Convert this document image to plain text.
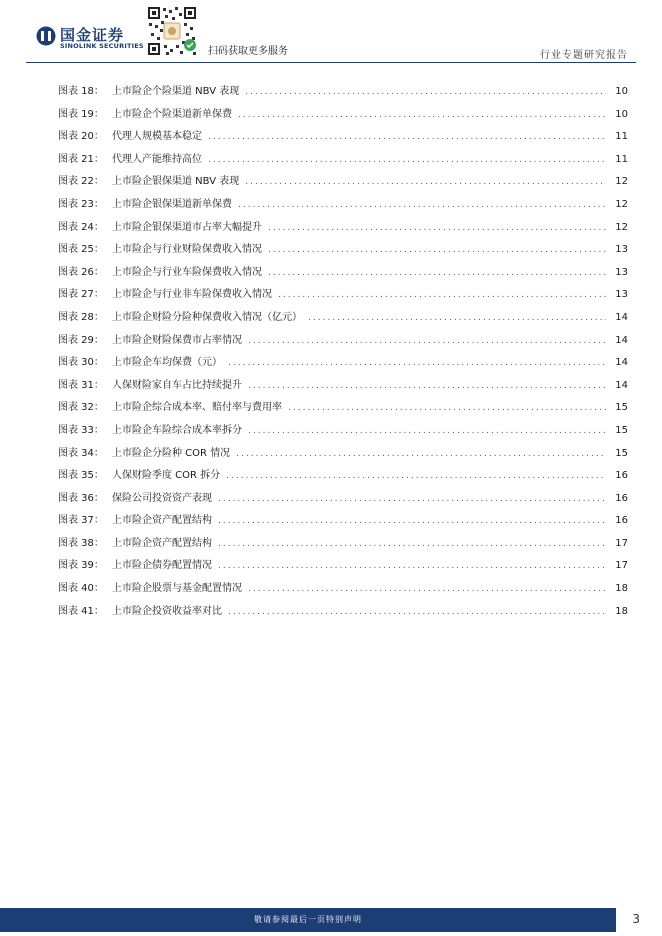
国金证券
SINOLINK SECURITIES	扫码获取更多服务	行业专题研究报告
图表 18： 上市险企个险渠道 NBV 表现 .....	10
图表 19： 上市险企个险渠道新单保费 .....	10
图表 20： 代理人规模基本稳定 .....	11
图表 21： 代理人产能维持高位 .....	11
图表 22： 上市险企银保渠道 NBV 表现 .....	12
图表 23： 上市险企银保渠道新单保费 .....	12
图表 24： 上市险企银保渠道市占率大幅提升 .....	12
图表 25： 上市险企与行业财险保费收入情况 .....	13
图表 26： 上市险企与行业车险保费收入情况 .....	13
图表 27： 上市险企与行业非车险保费收入情况 .....	13
图表 28： 上市险企财险分险种保费收入情况（亿元） .....	14
图表 29： 上市险企财险保费市占率情况 .....	14
图表 30： 上市险企车均保费（元） .....	14
图表 31： 人保财险家自车占比持续提升 .....	14
图表 32： 上市险企综合成本率、赔付率与费用率 .....	15
图表 33： 上市险企车险综合成本率拆分 .....	15
图表 34： 上市险企分险种 COR 情况 .....	15
图表 35： 人保财险季度 COR 拆分 .....	16
图表 36： 保险公司投资资产表现 .....	16
图表 37： 上市险企资产配置结构 .....	16
图表 38： 上市险企资产配置结构 .....	17
图表 39： 上市险企债券配置情况 .....	17
图表 40： 上市险企股票与基金配置情况 .....	18
图表 41： 上市险企投资收益率对比 .....	18
敬请参阅最后一页特别声明	3
